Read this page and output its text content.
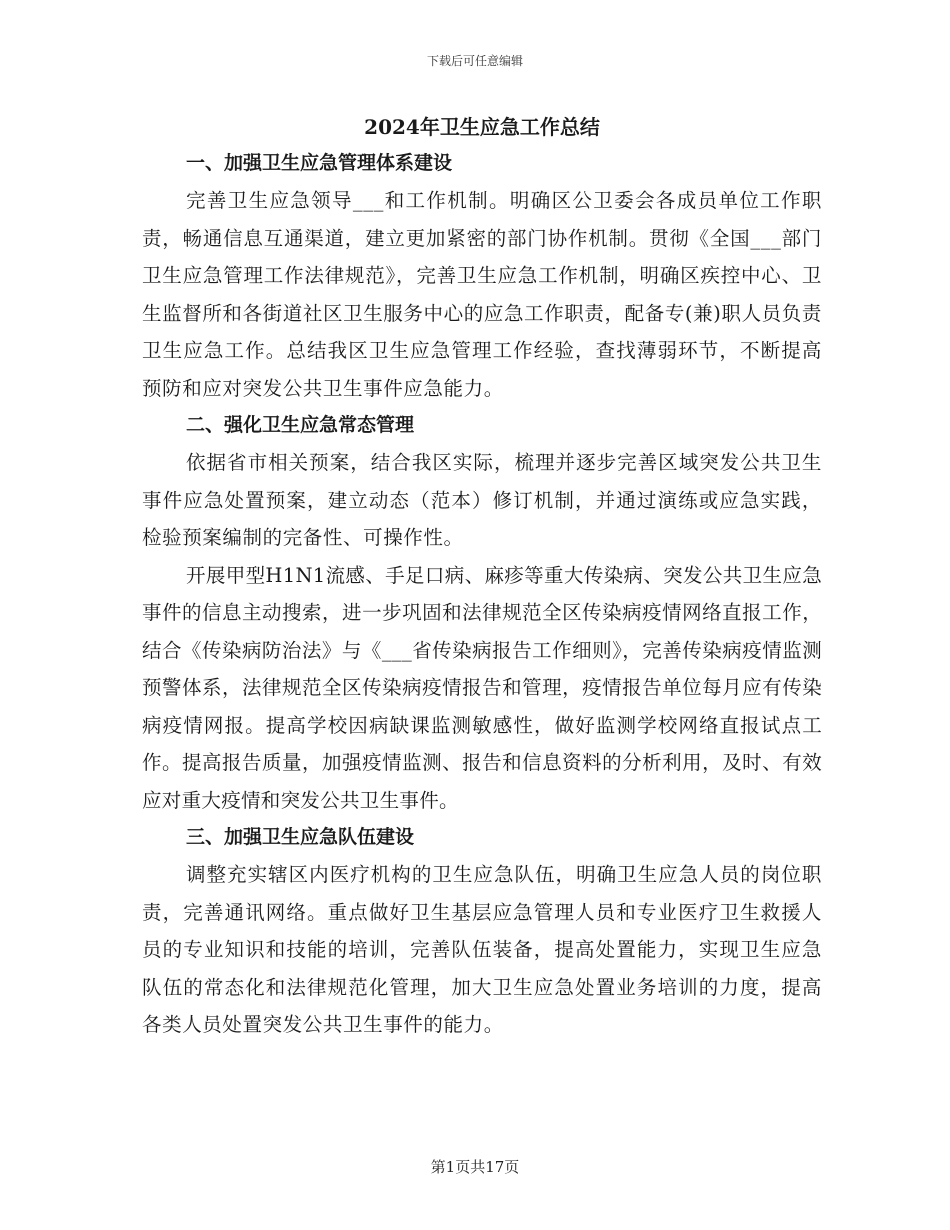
下载后可任意编辑
2024年卫生应急工作总结
一、加强卫生应急管理体系建设

完善卫生应急领导___和工作机制。明确区公卫委会各成员单位工作职责，畅通信息互通渠道，建立更加紧密的部门协作机制。贯彻《全国___部门卫生应急管理工作法律规范》，完善卫生应急工作机制，明确区疾控中心、卫生监督所和各街道社区卫生服务中心的应急工作职责，配备专(兼)职人员负责卫生应急工作。总结我区卫生应急管理工作经验，查找薄弱环节，不断提高预防和应对突发公共卫生事件应急能力。

二、强化卫生应急常态管理

依据省市相关预案，结合我区实际，梳理并逐步完善区域突发公共卫生事件应急处置预案，建立动态（范本）修订机制，并通过演练或应急实践，检验预案编制的完备性、可操作性。

开展甲型H1N1流感、手足口病、麻疹等重大传染病、突发公共卫生应急事件的信息主动搜索，进一步巩固和法律规范全区传染病疫情网络直报工作，结合《传染病防治法》与《___省传染病报告工作细则》，完善传染病疫情监测预警体系，法律规范全区传染病疫情报告和管理，疫情报告单位每月应有传染病疫情网报。提高学校因病缺课监测敏感性，做好监测学校网络直报试点工作。提高报告质量，加强疫情监测、报告和信息资料的分析利用，及时、有效应对重大疫情和突发公共卫生事件。

三、加强卫生应急队伍建设

调整充实辖区内医疗机构的卫生应急队伍，明确卫生应急人员的岗位职责，完善通讯网络。重点做好卫生基层应急管理人员和专业医疗卫生救援人员的专业知识和技能的培训，完善队伍装备，提高处置能力，实现卫生应急队伍的常态化和法律规范化管理，加大卫生应急处置业务培训的力度，提高各类人员处置突发公共卫生事件的能力。

第1页共17页
